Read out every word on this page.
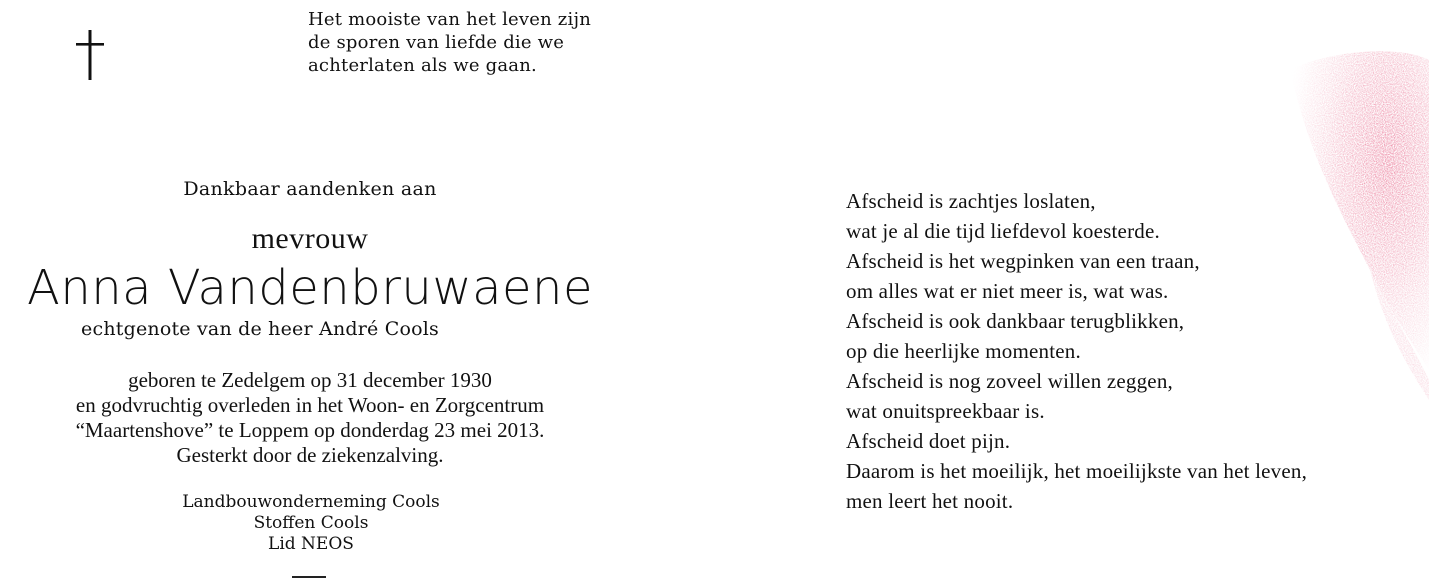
Het mooiste van het leven zijn
de sporen van liefde die we
achterlaten als we gaan.
Dankbaar aandenken aan
mevrouw
Anna Vandenbruwaene
echtgenote van de heer André Cools
geboren te Zedelgem op 31 december 1930
en godvruchtig overleden in het Woon- en Zorgcentrum
“Maartenshove” te Loppem op donderdag 23 mei 2013.
Gesterkt door de ziekenzalving.
Landbouwonderneming Cools
Stoffen Cools
Lid NEOS
Afscheid is zachtjes loslaten,
wat je al die tijd liefdevol koesterde.
Afscheid is het wegpinken van een traan,
om alles wat er niet meer is, wat was.
Afscheid is ook dankbaar terugblikken,
op die heerlijke momenten.
Afscheid is nog zoveel willen zeggen,
wat onuitspreekbaar is.
Afscheid doet pijn.
Daarom is het moeilijk, het moeilijkste van het leven,
men leert het nooit.
